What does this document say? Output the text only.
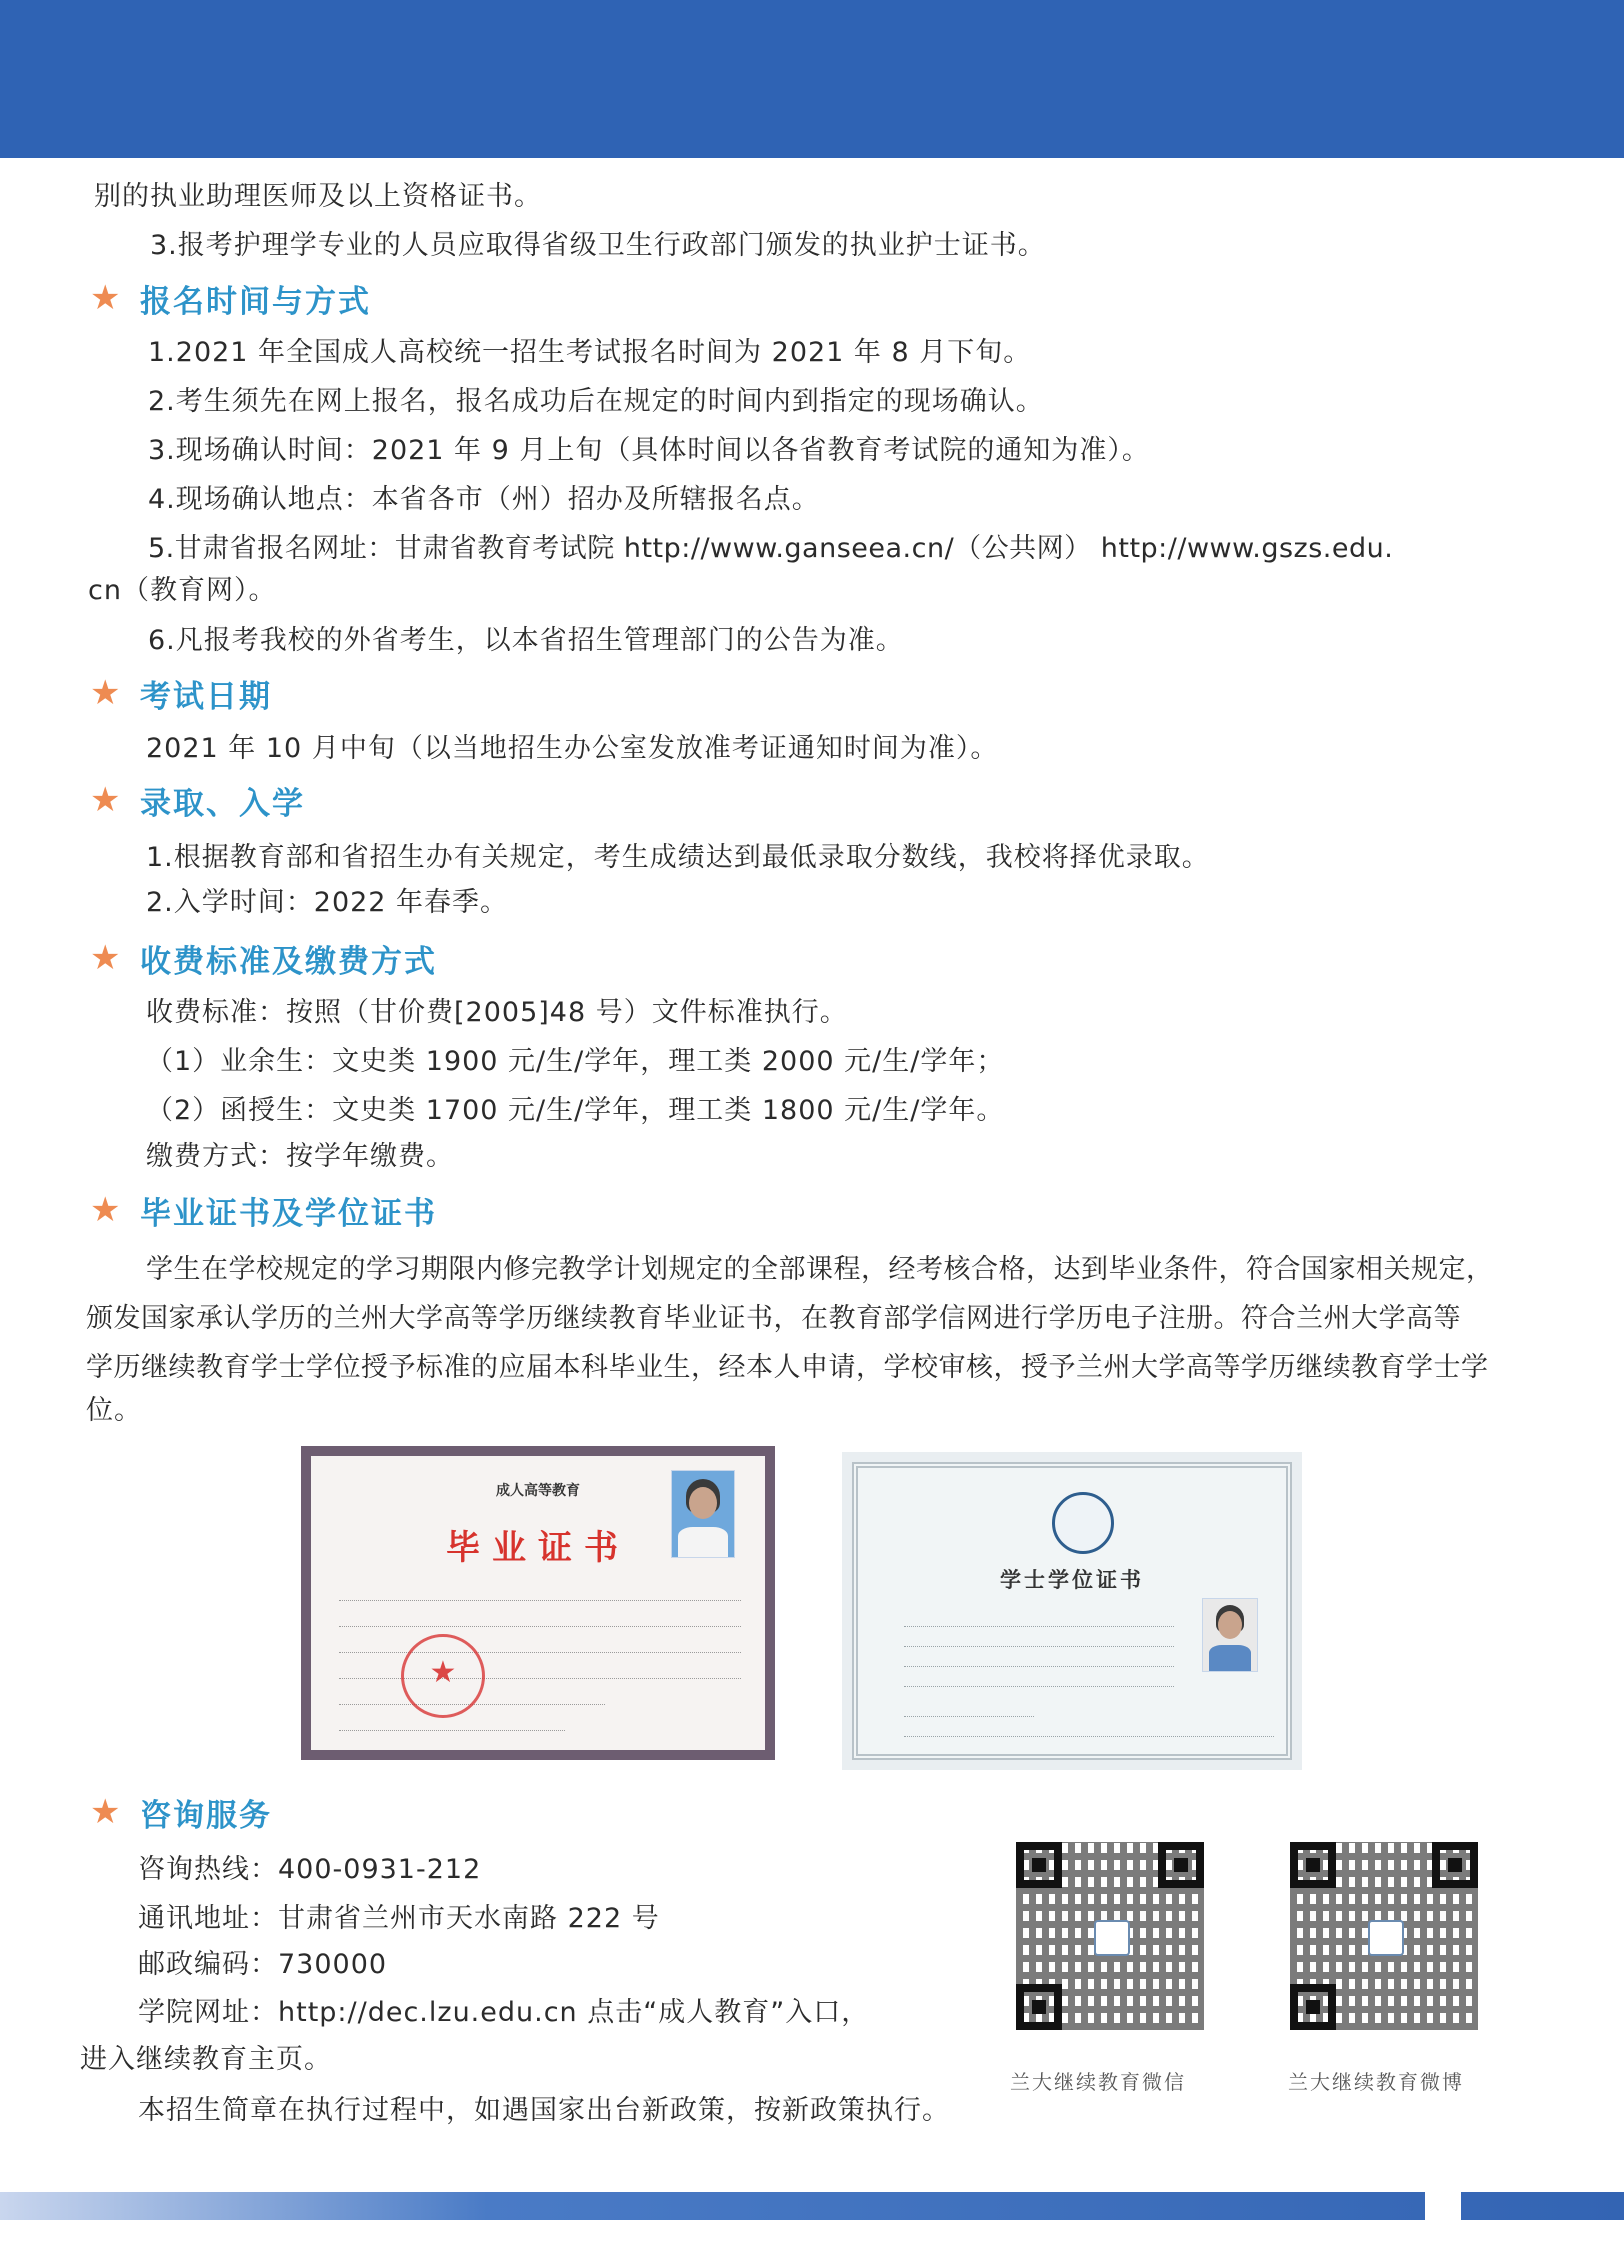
别的执业助理医师及以上资格证书。
3.报考护理学专业的人员应取得省级卫生行政部门颁发的执业护士证书。
★ 报名时间与方式
1.2021 年全国成人高校统一招生考试报名时间为 2021 年 8 月下旬。
2.考生须先在网上报名，报名成功后在规定的时间内到指定的现场确认。
3.现场确认时间：2021 年 9 月上旬（具体时间以各省教育考试院的通知为准）。
4.现场确认地点：本省各市（州）招办及所辖报名点。
5.甘肃省报名网址：甘肃省教育考试院 http://www.ganseea.cn/（公共网） http://www.gszs.edu.
cn（教育网）。
6.凡报考我校的外省考生，以本省招生管理部门的公告为准。
★ 考试日期
2021 年 10 月中旬（以当地招生办公室发放准考证通知时间为准）。
★ 录取、入学
1.根据教育部和省招生办有关规定，考生成绩达到最低录取分数线，我校将择优录取。
2.入学时间：2022 年春季。
★ 收费标准及缴费方式
收费标准：按照（甘价费[2005]48 号）文件标准执行。
（1）业余生：文史类 1900 元/生/学年，理工类 2000 元/生/学年；
（2）函授生：文史类 1700 元/生/学年，理工类 1800 元/生/学年。
缴费方式：按学年缴费。
★ 毕业证书及学位证书
学生在学校规定的学习期限内修完教学计划规定的全部课程，经考核合格，达到毕业条件，符合国家相关规定，
颁发国家承认学历的兰州大学高等学历继续教育毕业证书，在教育部学信网进行学历电子注册。符合兰州大学高等
学历继续教育学士学位授予标准的应届本科毕业生，经本人申请，学校审核，授予兰州大学高等学历继续教育学士学
位。
成人高等教育
毕业证书
★
学士学位证书
★ 咨询服务
咨询热线：400-0931-212
通讯地址：甘肃省兰州市天水南路 222 号
邮政编码：730000
学院网址：http://dec.lzu.edu.cn 点击“成人教育”入口，
进入继续教育主页。
本招生简章在执行过程中，如遇国家出台新政策，按新政策执行。
兰大继续教育微信	兰大继续教育微博
